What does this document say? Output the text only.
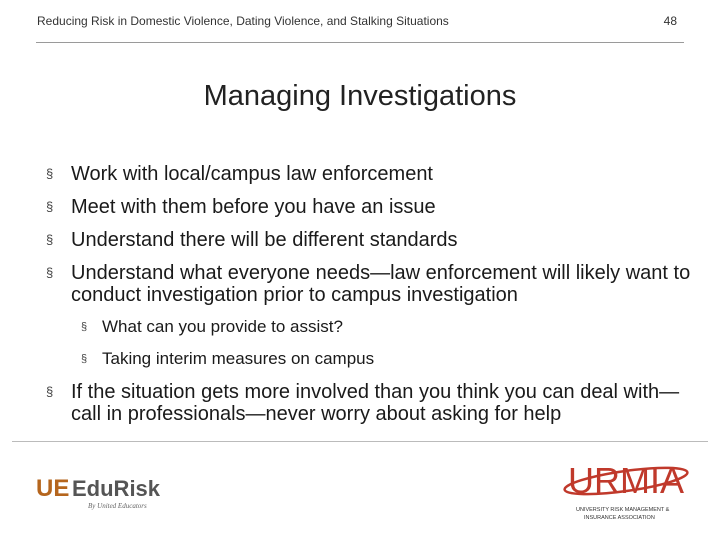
Reducing Risk in Domestic Violence, Dating Violence, and Stalking Situations	48
Managing Investigations
§ Work with local/campus law enforcement
§ Meet with them before you have an issue
§ Understand there will be different standards
§ Understand what everyone needs—law enforcement will likely want to conduct investigation prior to campus investigation
§ What can you provide to assist?
§ Taking interim measures on campus
§ If the situation gets more involved than you think you can deal with—call in professionals—never worry about asking for help
UE EduRisk
By United Educators
URMIA
UNIVERSITY RISK MANAGEMENT &
INSURANCE ASSOCIATION
